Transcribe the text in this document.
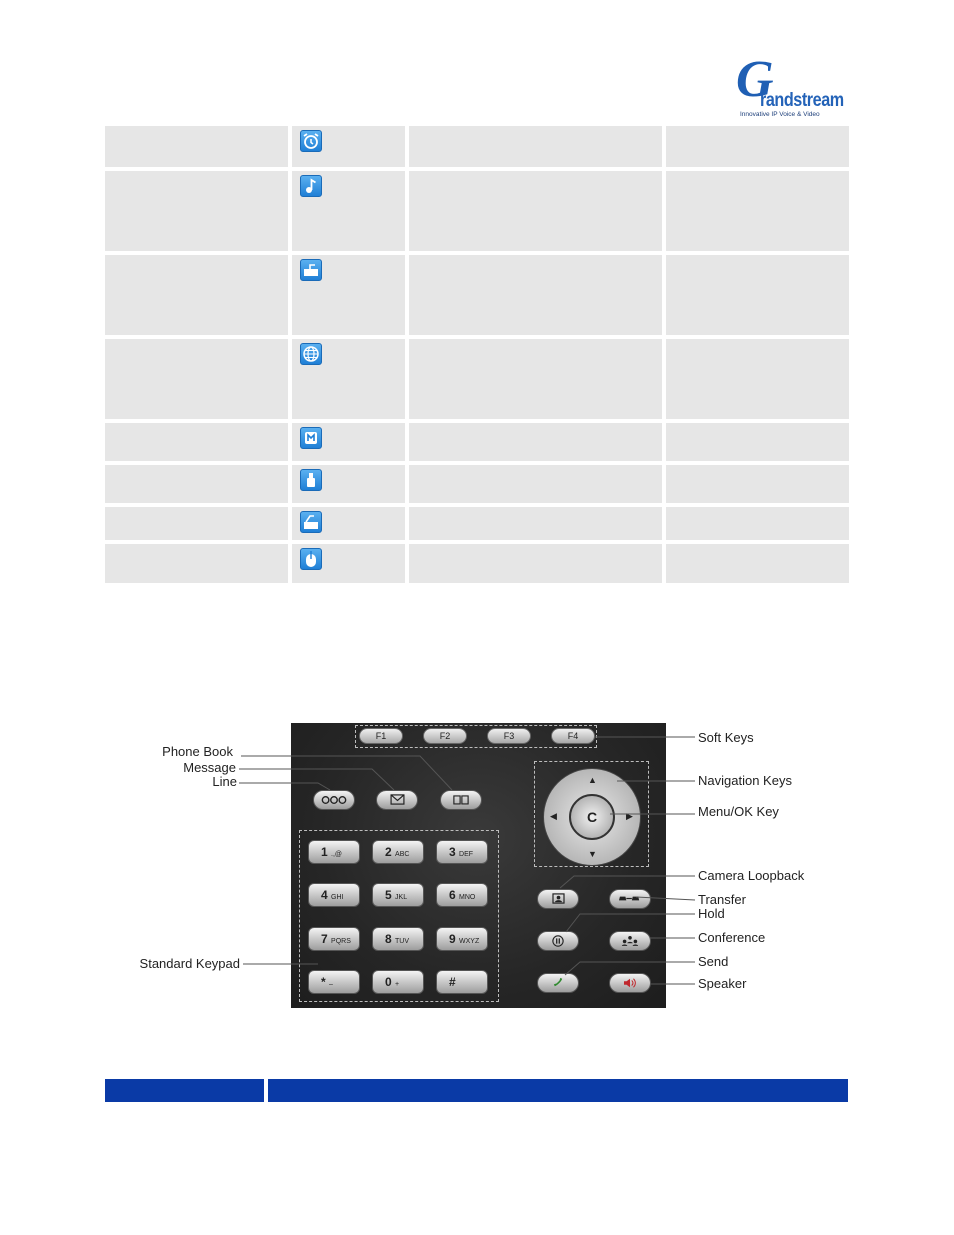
G
randstream
Innovative IP Voice & Video
F1	F2	F3	F4
1 .,@	2 ABC	3 DEF
4 GHI	5 JKL	6 MNO
7 PQRS	8 TUV	9 WXYZ
* –	0 +	#
▲
▼
◀	▶
C
Phone Book
Message
Line
Standard Keypad
Soft Keys
Navigation Keys
Menu/OK Key
Camera Loopback
Transfer
Hold
Conference
Send
Speaker
